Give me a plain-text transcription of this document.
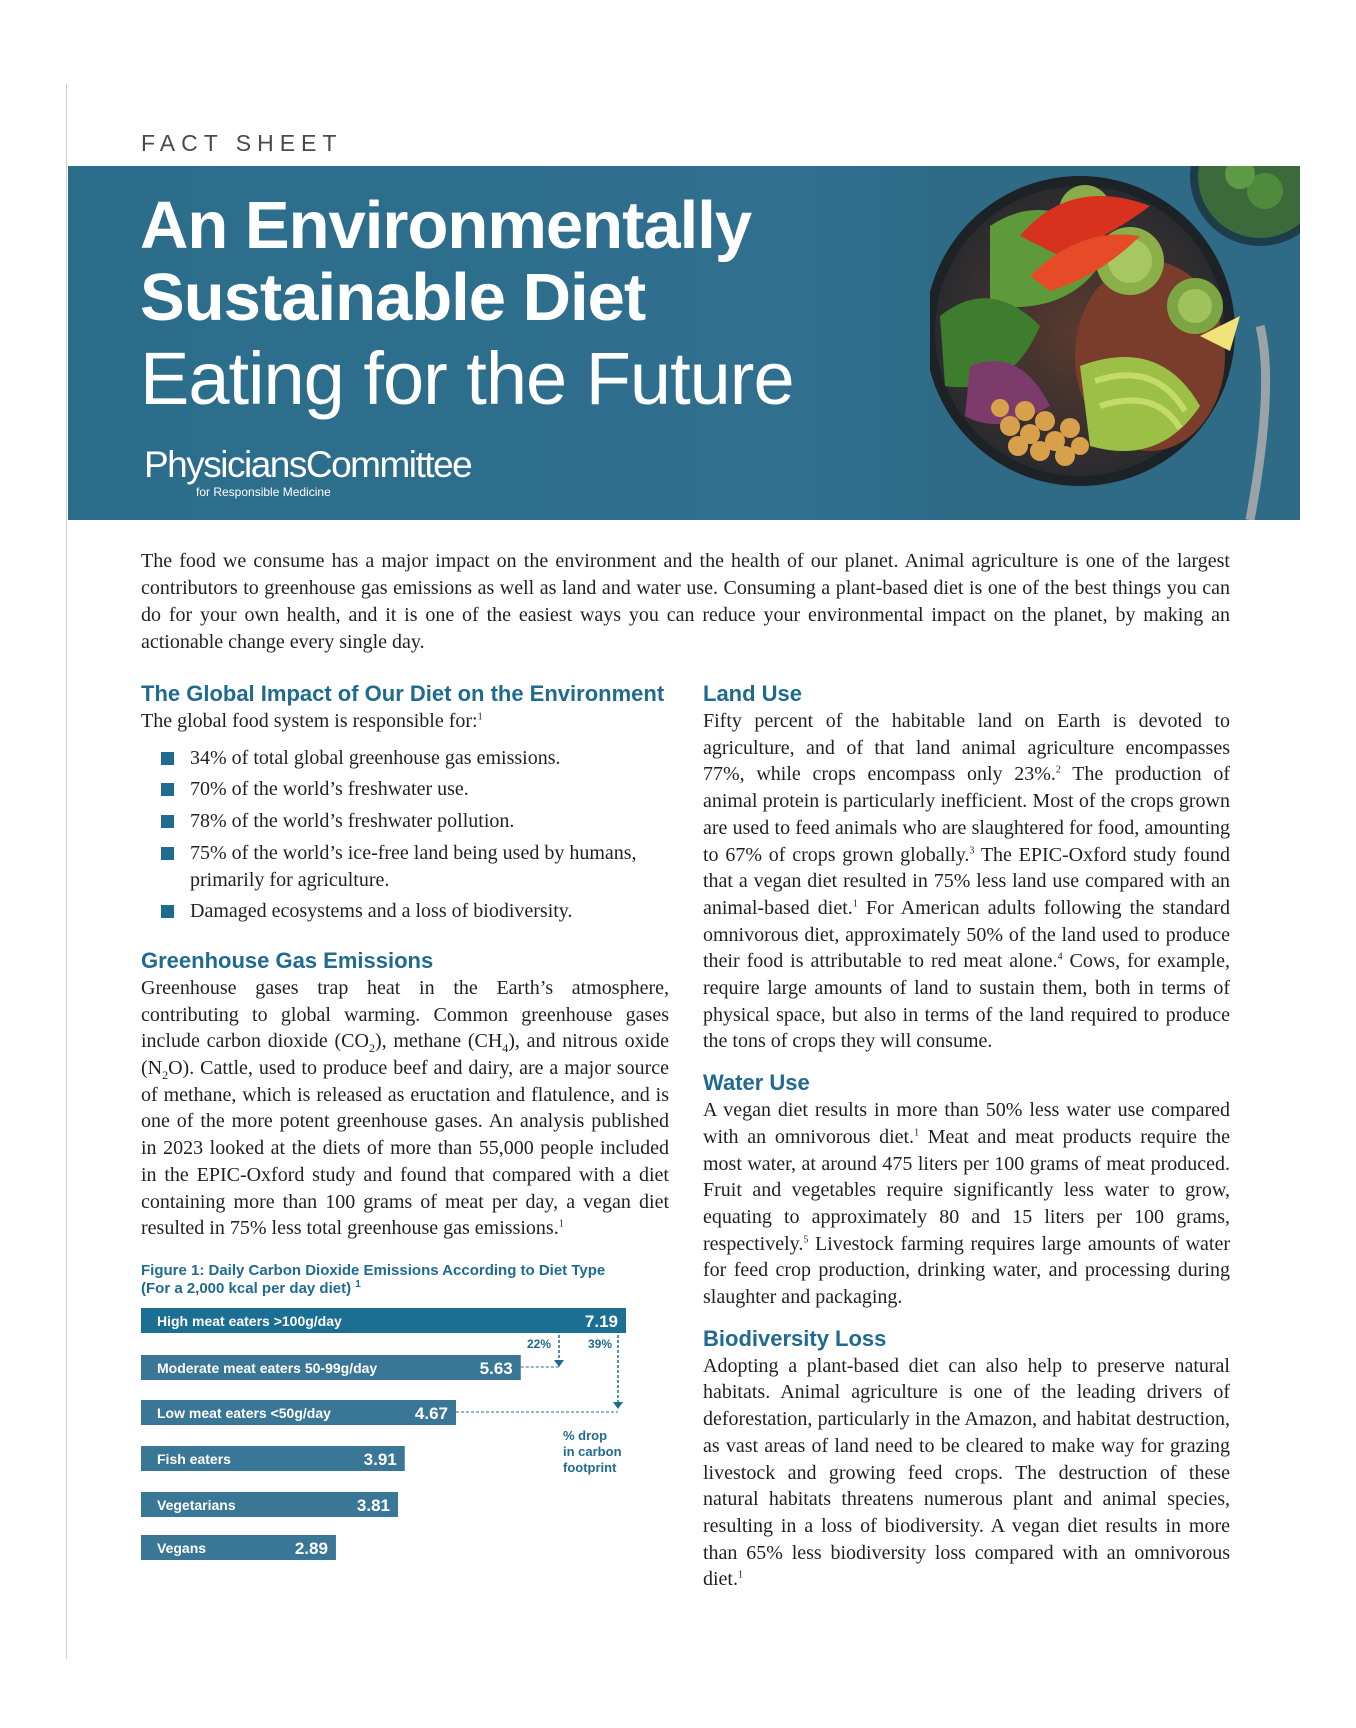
FACT SHEET
An Environmentally
Sustainable Diet
Eating for the Future
PhysiciansCommittee
for Responsible Medicine
The food we consume has a major impact on the environment and the health of our planet. Animal agriculture is one of the largest contributors to greenhouse gas emissions as well as land and water use. Consuming a plant-based diet is one of the best things you can do for your own health, and it is one of the easiest ways you can reduce your environmental impact on the planet, by making an actionable change every single day.
The Global Impact of Our Diet on the Environment
The global food system is responsible for:$^1$
34% of total global greenhouse gas emissions.
70% of the world’s freshwater use.
78% of the world’s freshwater pollution.
75% of the world’s ice-free land being used by humans, primarily for agriculture.
Damaged ecosystems and a loss of biodiversity.
Greenhouse Gas Emissions
Greenhouse gases trap heat in the Earth’s atmosphere, contributing to global warming. Common greenhouse gases include carbon dioxide $(CO_2)$, methane $(CH_4)$, and nitrous oxide $(N_2O)$. Cattle, used to produce beef and dairy, are a major source of methane, which is released as eructation and flatulence, and is one of the more potent greenhouse gases. An analysis published in 2023 looked at the diets of more than 55,000 people included in the EPIC-Oxford study and found that compared with a diet containing more than 100 grams of meat per day, a vegan diet resulted in 75% less total greenhouse gas emissions.$^1$
Figure 1: Daily Carbon Dioxide Emissions According to Diet Type
(For a 2,000 kcal per day diet) $^1$
High meat eaters >100g/day	7.19
Moderate meat eaters 50-99g/day	5.63
Low meat eaters <50g/day	4.67
Fish eaters	3.91
Vegetarians	3.81
Vegans	2.89
22%	39%
% drop
in carbon
footprint
Land Use
Fifty percent of the habitable land on Earth is devoted to agriculture, and of that land animal agriculture encompasses 77%, while crops encompass only 23%.$^2$ The production of animal protein is particularly inefficient. Most of the crops grown are used to feed animals who are slaughtered for food, amounting to 67% of crops grown globally.$^3$ The EPIC-Oxford study found that a vegan diet resulted in 75% less land use compared with an animal-based diet.$^1$ For American adults following the standard omnivorous diet, approximately 50% of the land used to produce their food is attributable to red meat alone.$^4$ Cows, for example, require large amounts of land to sustain them, both in terms of physical space, but also in terms of the land required to produce the tons of crops they will consume.
Water Use
A vegan diet results in more than 50% less water use compared with an omnivorous diet.$^1$ Meat and meat products require the most water, at around 475 liters per 100 grams of meat produced. Fruit and vegetables require significantly less water to grow, equating to approximately 80 and 15 liters per 100 grams, respectively.$^5$ Livestock farming requires large amounts of water for feed crop production, drinking water, and processing during slaughter and packaging.
Biodiversity Loss
Adopting a plant-based diet can also help to preserve natural habitats. Animal agriculture is one of the leading drivers of deforestation, particularly in the Amazon, and habitat destruction, as vast areas of land need to be cleared to make way for grazing livestock and growing feed crops. The destruction of these natural habitats threatens numerous plant and animal species, resulting in a loss of biodiversity. A vegan diet results in more than 65% less biodiversity loss compared with an omnivorous diet.$^1$
